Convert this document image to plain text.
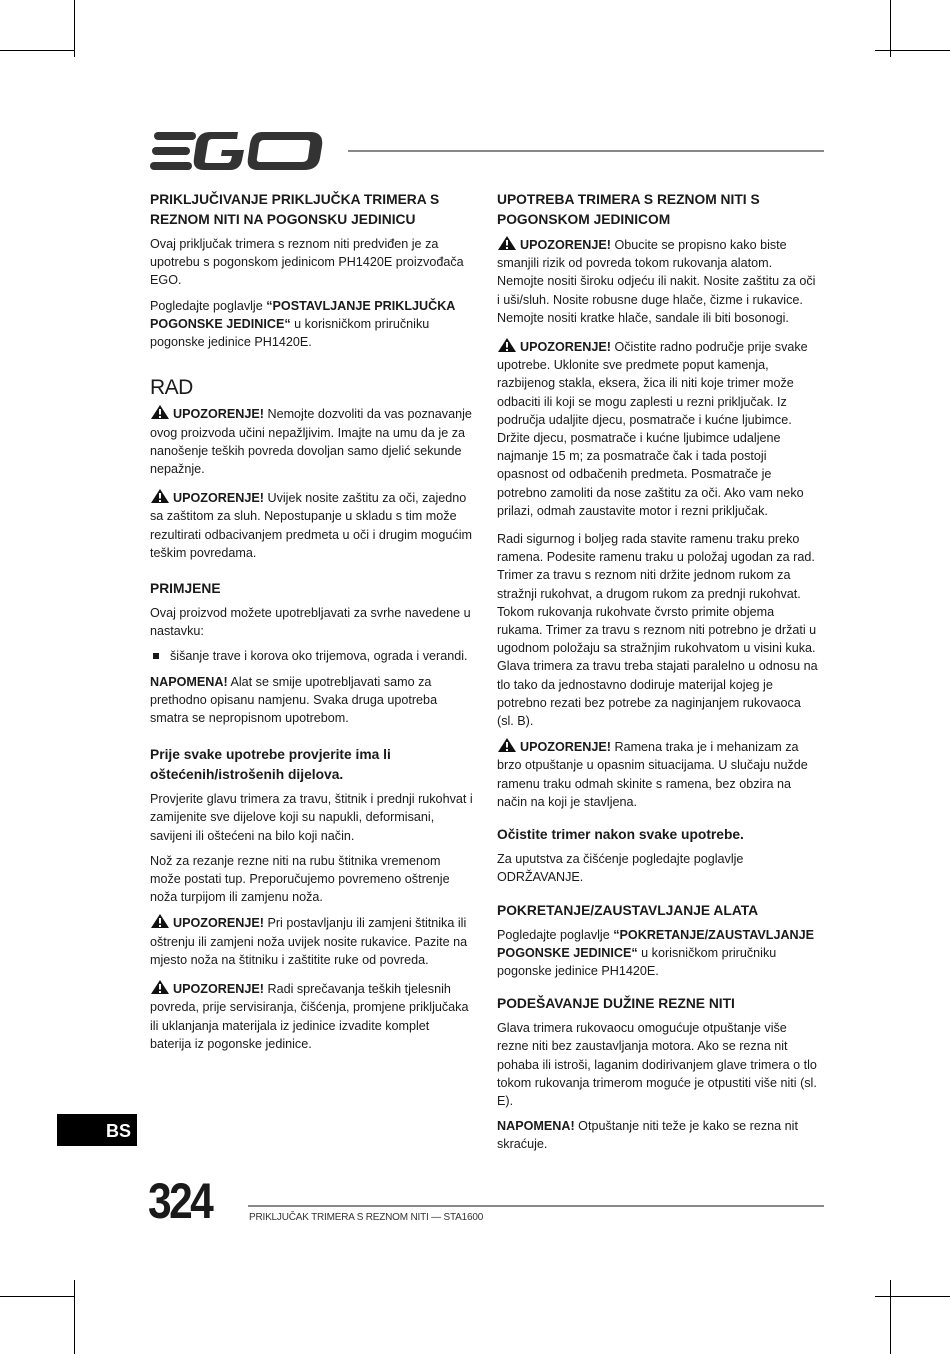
PRIKLJUČIVANJE PRIKLJUČKA TRIMERA S REZNOM NITI NA POGONSKU JEDINICU

Ovaj priključak trimera s reznom niti predviđen je za upotrebu s pogonskom jedinicom PH1420E proizvođača EGO.

Pogledajte poglavlje “POSTAVLJANJE PRIKLJUČKA POGONSKE JEDINICE“ u korisničkom priručniku pogonske jedinice PH1420E.

RAD

UPOZORENJE! Nemojte dozvoliti da vas poznavanje ovog proizvoda učini nepažljivim. Imajte na umu da je za nanošenje teških povreda dovoljan samo djelić sekunde nepažnje.

UPOZORENJE! Uvijek nosite zaštitu za oči, zajedno sa zaštitom za sluh. Nepostupanje u skladu s tim može rezultirati odbacivanjem predmeta u oči i drugim mogućim teškim povredama.

PRIMJENE

Ovaj proizvod možete upotrebljavati za svrhe navedene u nastavku:

šišanje trave i korova oko trijemova, ograda i verandi.

NAPOMENA! Alat se smije upotrebljavati samo za prethodno opisanu namjenu. Svaka druga upotreba smatra se nepropisnom upotrebom.

Prije svake upotrebe provjerite ima li oštećenih/istrošenih dijelova.

Provjerite glavu trimera za travu, štitnik i prednji rukohvat i zamijenite sve dijelove koji su napukli, deformisani, savijeni ili oštećeni na bilo koji način.

Nož za rezanje rezne niti na rubu štitnika vremenom može postati tup. Preporučujemo povremeno oštrenje noža turpijom ili zamjenu noža.

UPOZORENJE! Pri postavljanju ili zamjeni štitnika ili oštrenju ili zamjeni noža uvijek nosite rukavice. Pazite na mjesto noža na štitniku i zaštitite ruke od povreda.

UPOZORENJE! Radi sprečavanja teških tjelesnih povreda, prije servisiranja, čišćenja, promjene priključaka ili uklanjanja materijala iz jedinice izvadite komplet baterija iz pogonske jedinice.

UPOTREBA TRIMERA S REZNOM NITI S POGONSKOM JEDINICOM

UPOZORENJE! Obucite se propisno kako biste smanjili rizik od povreda tokom rukovanja alatom. Nemojte nositi široku odjeću ili nakit. Nosite zaštitu za oči i uši/sluh. Nosite robusne duge hlače, čizme i rukavice. Nemojte nositi kratke hlače, sandale ili biti bosonogi.

UPOZORENJE! Očistite radno područje prije svake upotrebe. Uklonite sve predmete poput kamenja, razbijenog stakla, eksera, žica ili niti koje trimer može odbaciti ili koji se mogu zaplesti u rezni priključak. Iz područja udaljite djecu, posmatrače i kućne ljubimce. Držite djecu, posmatrače i kućne ljubimce udaljene najmanje 15 m; za posmatrače čak i tada postoji opasnost od odbačenih predmeta. Posmatrače je potrebno zamoliti da nose zaštitu za oči. Ako vam neko prilazi, odmah zaustavite motor i rezni priključak.

Radi sigurnog i boljeg rada stavite ramenu traku preko ramena. Podesite ramenu traku u položaj ugodan za rad. Trimer za travu s reznom niti držite jednom rukom za stražnji rukohvat, a drugom rukom za prednji rukohvat. Tokom rukovanja rukohvate čvrsto primite objema rukama. Trimer za travu s reznom niti potrebno je držati u ugodnom položaju sa stražnjim rukohvatom u visini kuka. Glava trimera za travu treba stajati paralelno u odnosu na tlo tako da jednostavno dodiruje materijal kojeg je potrebno rezati bez potrebe za naginjanjem rukovaoca (sl. B).

UPOZORENJE! Ramena traka je i mehanizam za brzo otpuštanje u opasnim situacijama. U slučaju nužde ramenu traku odmah skinite s ramena, bez obzira na način na koji je stavljena.

Očistite trimer nakon svake upotrebe.

Za uputstva za čišćenje pogledajte poglavlje ODRŽAVANJE.

POKRETANJE/ZAUSTAVLJANJE ALATA

Pogledajte poglavlje “POKRETANJE/ZAUSTAVLJANJE POGONSKE JEDINICE“ u korisničkom priručniku pogonske jedinice PH1420E.

PODEŠAVANJE DUŽINE REZNE NITI

Glava trimera rukovaocu omogućuje otpuštanje više rezne niti bez zaustavljanja motora. Ako se rezna nit pohaba ili istroši, laganim dodirivanjem glave trimera o tlo tokom rukovanja trimerom moguće je otpustiti više niti (sl. E).

NAPOMENA! Otpuštanje niti teže je kako se rezna nit skraćuje.

BS
324	PRIKLJUČAK TRIMERA S REZNOM NITI — STA1600
